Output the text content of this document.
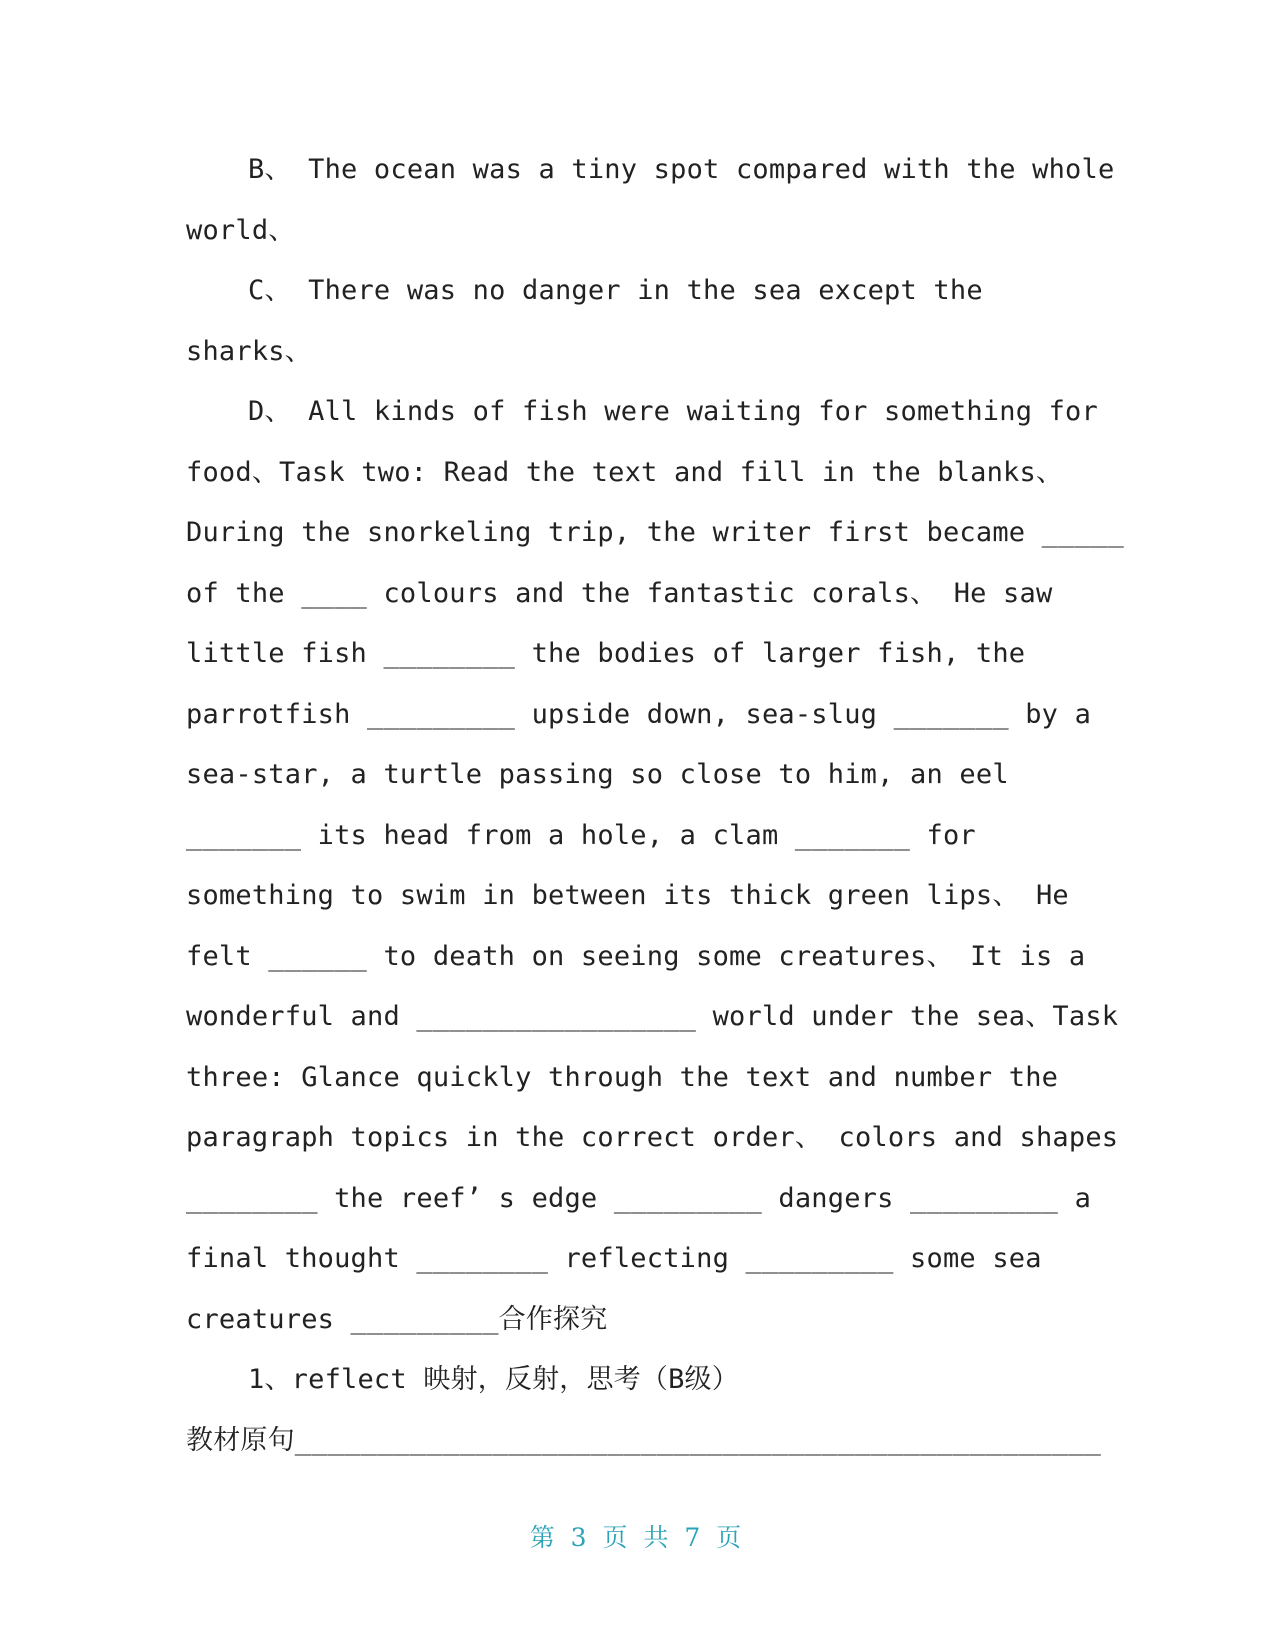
B、 The ocean was a tiny spot compared with the whole
world、
C、 There was no danger in the sea except the
sharks、
D、 All kinds of fish were waiting for something for
food、Task two: Read the text and fill in the blanks、
During the snorkeling trip, the writer first became _____
of the ____ colours and the fantastic corals、 He saw
little fish ________ the bodies of larger fish, the
parrotfish _________ upside down, sea-slug _______ by a
sea-star, a turtle passing so close to him, an eel
_______ its head from a hole, a clam _______ for
something to swim in between its thick green lips、 He
felt ______ to death on seeing some creatures、 It is a
wonderful and _________________ world under the sea、Task
three: Glance quickly through the text and number the
paragraph topics in the correct order、 colors and shapes
________ the reef’ s edge _________ dangers _________ a
final thought ________ reflecting _________ some sea
creatures _________合作探究
1、reflect 映射，反射，思考（B级）
教材原句_________________________________________________
第 3 页 共 7 页
